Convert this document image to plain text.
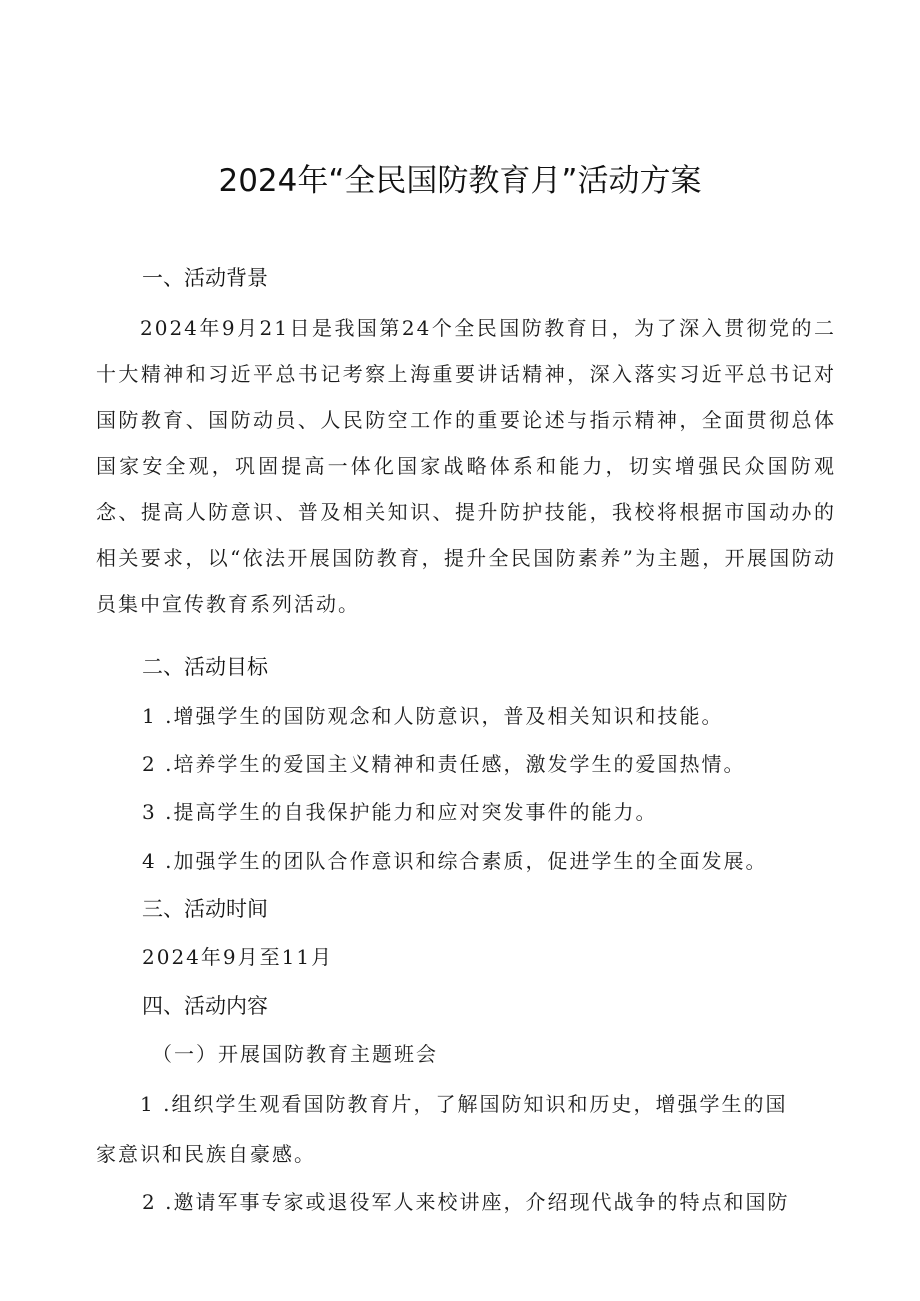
2024年“全民国防教育月”活动方案
一、活动背景
2024年9月21日是我国第24个全民国防教育日，为了深入贯彻党的二十大精神和习近平总书记考察上海重要讲话精神，深入落实习近平总书记对国防教育、国防动员、人民防空工作的重要论述与指示精神，全面贯彻总体国家安全观，巩固提高一体化国家战略体系和能力，切实增强民众国防观念、提高人防意识、普及相关知识、提升防护技能，我校将根据市国动办的相关要求，以“依法开展国防教育，提升全民国防素养”为主题，开展国防动员集中宣传教育系列活动。
二、活动目标
1 .增强学生的国防观念和人防意识，普及相关知识和技能。
2 .培养学生的爱国主义精神和责任感，激发学生的爱国热情。
3 .提高学生的自我保护能力和应对突发事件的能力。
4 .加强学生的团队合作意识和综合素质，促进学生的全面发展。
三、活动时间
2024年9月至11月
四、活动内容
（一）开展国防教育主题班会
1 .组织学生观看国防教育片，了解国防知识和历史，增强学生的国家意识和民族自豪感。
2 .邀请军事专家或退役军人来校讲座，介绍现代战争的特点和国防
